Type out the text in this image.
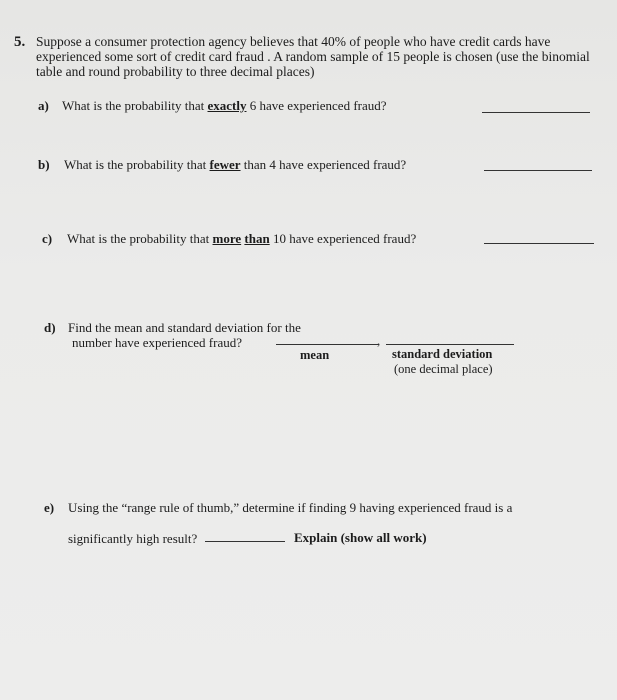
5. Suppose a consumer protection agency believes that 40% of people who have credit cards have experienced some sort of credit card fraud . A random sample of 15 people is chosen (use the binomial table and round probability to three decimal places)
a) What is the probability that exactly 6 have experienced fraud?
b) What is the probability that fewer than 4 have experienced fraud?
c) What is the probability that more than 10 have experienced fraud?
d) Find the mean and standard deviation for the
number have experienced fraud?	,
mean	standard deviation
(one decimal place)
e) Using the “range rule of thumb,” determine if finding 9 having experienced fraud is a
significantly high result?	Explain (show all work)
